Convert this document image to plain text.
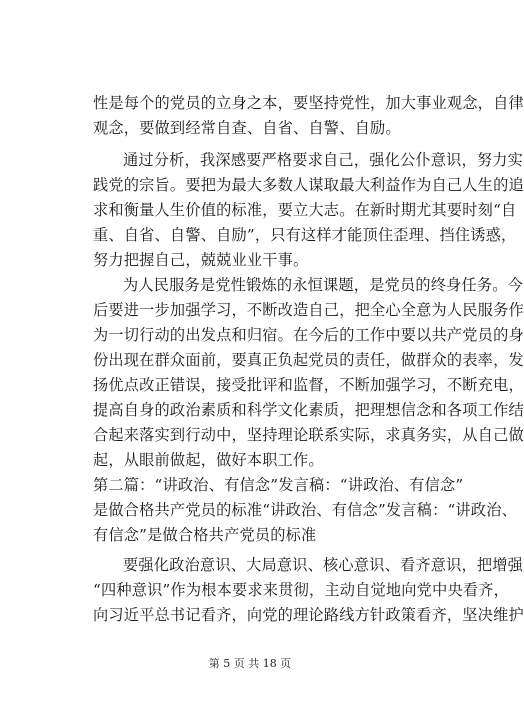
性是每个的党员的立身之本，要坚持党性，加大事业观念，自律
观念，要做到经常自查、自省、自警、自励。
通过分析，我深感要严格要求自己，强化公仆意识，努力实
践党的宗旨。要把为最大多数人谋取最大利益作为自己人生的追
求和衡量人生价值的标准，要立大志。在新时期尤其要时刻“自
重、自省、自警、自励”，只有这样才能顶住歪理、挡住诱惑，
努力把握自己，兢兢业业干事。
为人民服务是党性锻炼的永恒课题，是党员的终身任务。今
后要进一步加强学习，不断改造自己，把全心全意为人民服务作
为一切行动的出发点和归宿。在今后的工作中要以共产党员的身
份出现在群众面前，要真正负起党员的责任，做群众的表率，发
扬优点改正错误，接受批评和监督，不断加强学习，不断充电，
提高自身的政治素质和科学文化素质，把理想信念和各项工作结
合起来落实到行动中，坚持理论联系实际，求真务实，从自己做
起，从眼前做起，做好本职工作。
第二篇：“讲政治、有信念”发言稿：“讲政治、有信念”
是做合格共产党员的标准“讲政治、有信念”发言稿：“讲政治、
有信念”是做合格共产党员的标准
要强化政治意识、大局意识、核心意识、看齐意识，把增强
“四种意识”作为根本要求来贯彻，主动自觉地向党中央看齐，
向习近平总书记看齐，向党的理论路线方针政策看齐，坚决维护
第 5 页 共 18 页
